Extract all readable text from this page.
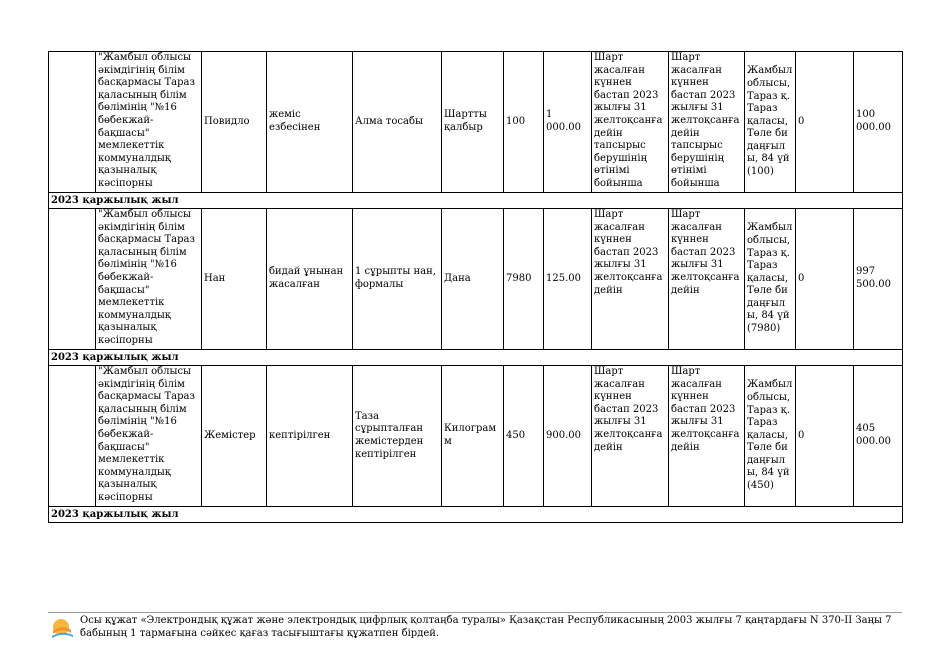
	"Жамбыл облысы әкімдігінің білім басқармасы Тараз қаласының білім бөлімінің "№16 бөбекжай-бақшасы" мемлекеттік коммуналдық қазыналық кәсіпорны	Повидло	жеміс езбесінен	Алма тосабы	Шартты қалбыр	100	1 000.00	Шарт жасалған күннен бастап 2023 жылғы 31 желтоқсанға дейін тапсырыс берушінің өтінімі бойынша	Шарт жасалған күннен бастап 2023 жылғы 31 желтоқсанға дейін тапсырыс берушінің өтінімі бойынша	Жамбыл облысы, Тараз қ. Тараз қаласы, Төле би даңғылы, 84 үй (100)	0	100 000.00
2023 қаржылық жыл												
	"Жамбыл облысы әкімдігінің білім басқармасы Тараз қаласының білім бөлімінің "№16 бөбекжай-бақшасы" мемлекеттік коммуналдық қазыналық кәсіпорны	Нан	бидай ұнынан жасалған	1 сұрыпты нан, формалы	Дана	7980	125.00	Шарт жасалған күннен бастап 2023 жылғы 31 желтоқсанға дейін	Шарт жасалған күннен бастап 2023 жылғы 31 желтоқсанға дейін	Жамбыл облысы, Тараз қ. Тараз қаласы, Төле би даңғылы, 84 үй (7980)	0	997 500.00
2023 қаржылық жыл												
	"Жамбыл облысы әкімдігінің білім басқармасы Тараз қаласының білім бөлімінің "№16 бөбекжай-бақшасы" мемлекеттік коммуналдық қазыналық кәсіпорны	Жемістер	кептірілген	Таза сұрыпталған жемістерден кептірілген	Килограмм	450	900.00	Шарт жасалған күннен бастап 2023 жылғы 31 желтоқсанға дейін	Шарт жасалған күннен бастап 2023 жылғы 31 желтоқсанға дейін	Жамбыл облысы, Тараз қ. Тараз қаласы, Төле би даңғылы, 84 үй (450)	0	405 000.00
2023 қаржылық жыл												
Осы құжат «Электрондық құжат және электрондық цифрлық қолтаңба туралы» Қазақстан Республикасының 2003 жылғы 7 қаңтардағы N 370-II Заңы 7 бабының 1 тармағына сәйкес қағаз тасығыштағы құжатпен бірдей.
